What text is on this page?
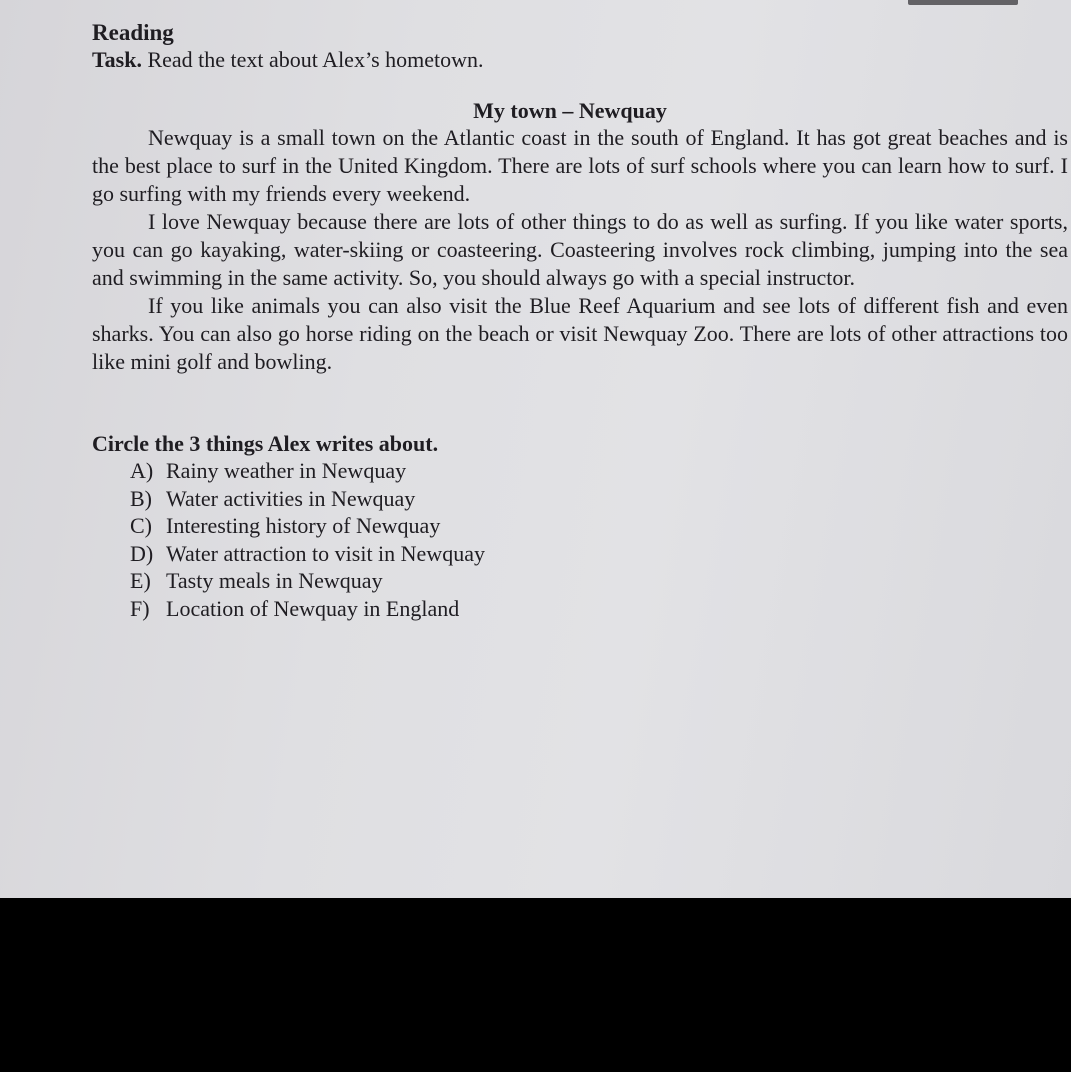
Reading

Task. Read the text about Alex’s hometown.

My town – Newquay

Newquay is a small town on the Atlantic coast in the south of England. It has got great beaches and is the best place to surf in the United Kingdom. There are lots of surf schools where you can learn how to surf. I go surfing with my friends every weekend.

I love Newquay because there are lots of other things to do as well as surfing. If you like water sports, you can go kayaking, water-skiing or coasteering. Coasteering involves rock climbing, jumping into the sea and swimming in the same activity. So, you should always go with a special instructor.

If you like animals you can also visit the Blue Reef Aquarium and see lots of different fish and even sharks. You can also go horse riding on the beach or visit Newquay Zoo. There are lots of other attractions too like mini golf and bowling.

Circle the 3 things Alex writes about.

A) Rainy weather in Newquay
B) Water activities in Newquay
C) Interesting history of Newquay
D) Water attraction to visit in Newquay
E) Tasty meals in Newquay
F) Location of Newquay in England
